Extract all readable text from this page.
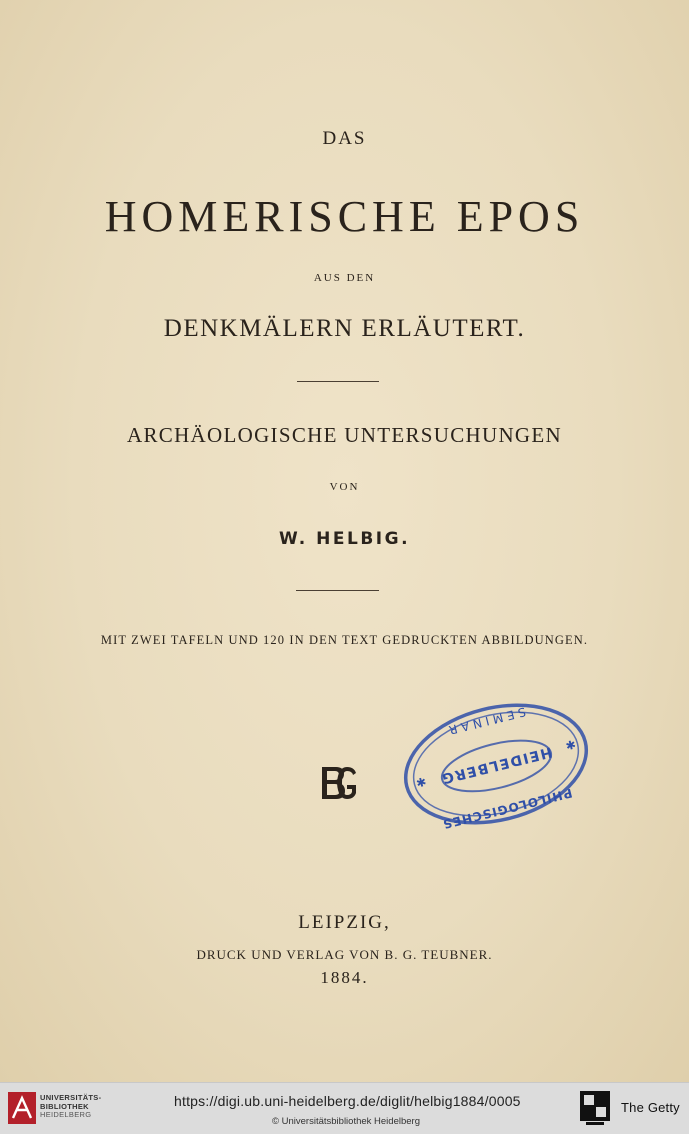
DAS
HOMERISCHE EPOS
AUS DEN
DENKMÄLERN ERLÄUTERT.
ARCHÄOLOGISCHE UNTERSUCHUNGEN
VON
W. HELBIG.
MIT ZWEI TAFELN UND 120 IN DEN TEXT GEDRUCKTEN ABBILDUNGEN.
HEIDELBERG
SEMINAR
PHILOLOGISCHES
✱
✱
LEIPZIG,
DRUCK UND VERLAG VON B. G. TEUBNER.
1884.
UNIVERSITÄTS-
BIBLIOTHEK
HEIDELBERG
https://digi.ub.uni-heidelberg.de/diglit/helbig1884/0005
© Universitätsbibliothek Heidelberg
The Getty
